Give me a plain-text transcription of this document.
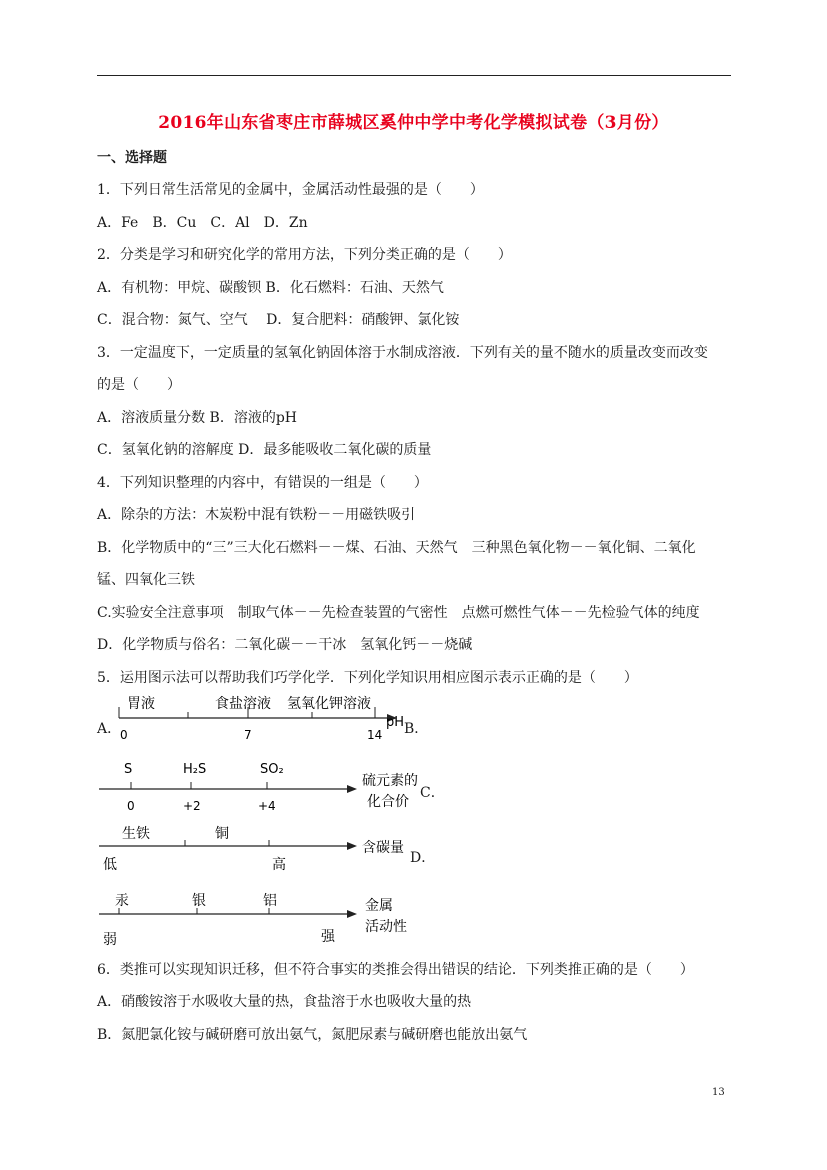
2016年山东省枣庄市薛城区奚仲中学中考化学模拟试卷（3月份）
一、选择题
1．下列日常生活常见的金属中，金属活动性最强的是（　　）
A．Fe　B．Cu　C．Al　D．Zn
2．分类是学习和研究化学的常用方法，下列分类正确的是（　　）
A．有机物：甲烷、碳酸钡 B．化石燃料：石油、天然气
C．混合物：氮气、空气　 D．复合肥料：硝酸钾、氯化铵
3．一定温度下，一定质量的氢氧化钠固体溶于水制成溶液．下列有关的量不随水的质量改变而改变
的是（　　）
A．溶液质量分数 B．溶液的pH
C．氢氧化钠的溶解度 D．最多能吸收二氧化碳的质量
4．下列知识整理的内容中，有错误的一组是（　　）
A．除杂的方法：木炭粉中混有铁粉－－用磁铁吸引
B．化学物质中的“三”三大化石燃料－－煤、石油、天然气　三种黑色氧化物－－氧化铜、二氧化
锰、四氧化三铁
C.实验安全注意事项　制取气体－－先检查装置的气密性　点燃可燃性气体－－先检验气体的纯度
D．化学物质与俗名：二氧化碳－－干冰　氢氧化钙－－烧碱
5．运用图示法可以帮助我们巧学化学．下列化学知识用相应图示表示正确的是（　　）
A．
胃液	食盐溶液 氢氧化钾溶液
0	7	14
pH B．
S	H₂S	SO₂
0	+2	+4
硫元素的
化合价
C．
生铁	铜
低	高
含碳量
D．
汞	银	铝
弱	强
金属
活动性
6．类推可以实现知识迁移，但不符合事实的类推会得出错误的结论．下列类推正确的是（　　）
A．硝酸铵溶于水吸收大量的热，食盐溶于水也吸收大量的热
B．氮肥氯化铵与碱研磨可放出氨气，氮肥尿素与碱研磨也能放出氨气
13
